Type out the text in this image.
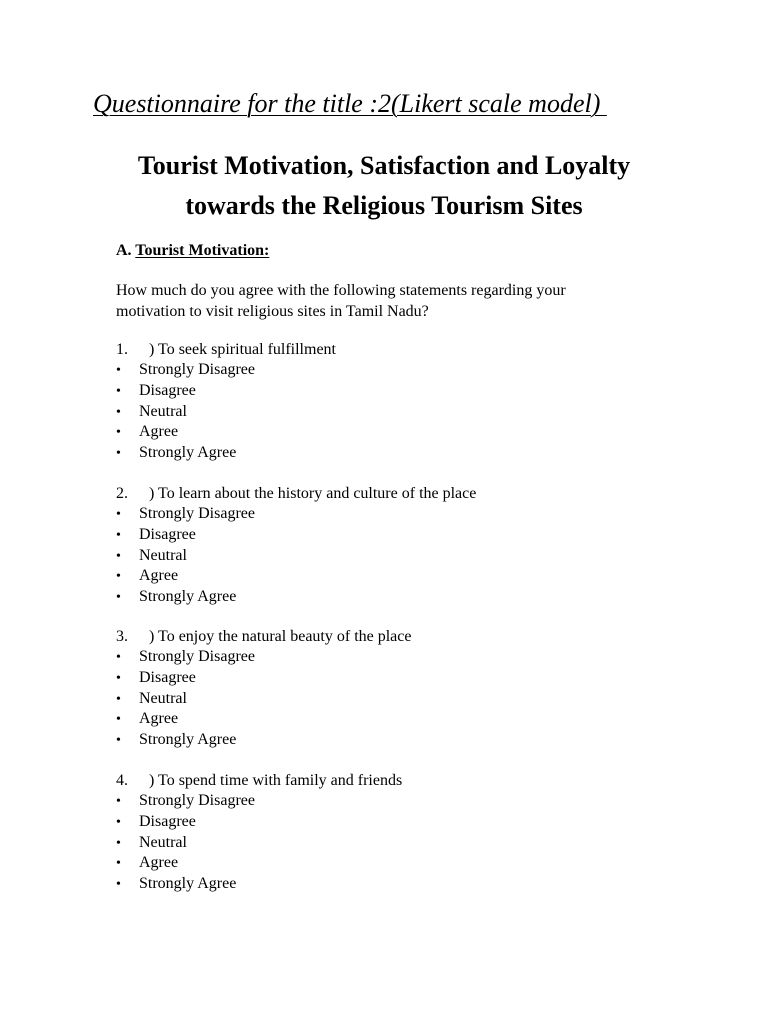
Questionnaire for the title :2(Likert scale model)

Tourist Motivation, Satisfaction and Loyalty
towards the Religious Tourism Sites

A. Tourist Motivation:

How much do you agree with the following statements regarding your
motivation to visit religious sites in Tamil Nadu?

1. ) To seek spiritual fulfillment

• Strongly Disagree
• Disagree
• Neutral
• Agree
• Strongly Agree

2. ) To learn about the history and culture of the place

• Strongly Disagree
• Disagree
• Neutral
• Agree
• Strongly Agree

3. ) To enjoy the natural beauty of the place

• Strongly Disagree
• Disagree
• Neutral
• Agree
• Strongly Agree

4. ) To spend time with family and friends

• Strongly Disagree
• Disagree
• Neutral
• Agree
• Strongly Agree
